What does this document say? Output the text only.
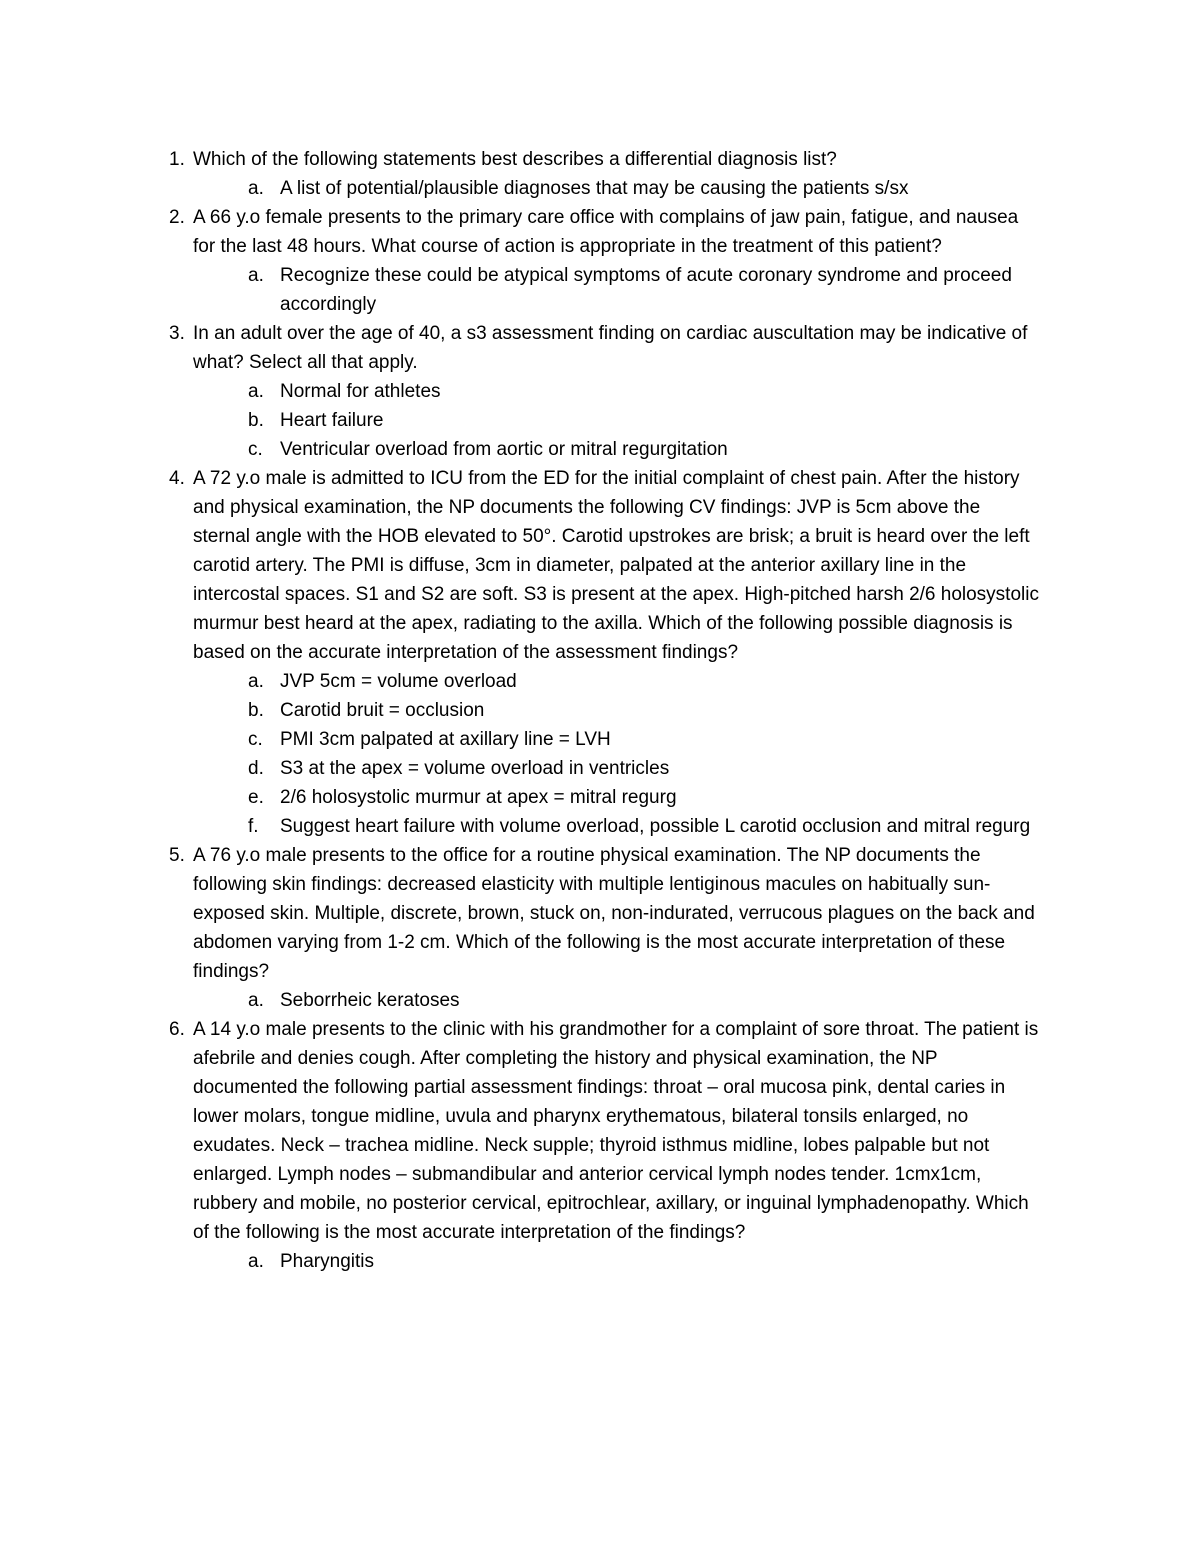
1. Which of the following statements best describes a differential diagnosis list?
a. A list of potential/plausible diagnoses that may be causing the patients s/sx
2. A 66 y.o female presents to the primary care office with complains of jaw pain, fatigue, and nausea for the last 48 hours. What course of action is appropriate in the treatment of this patient?
a. Recognize these could be atypical symptoms of acute coronary syndrome and proceed accordingly
3. In an adult over the age of 40, a s3 assessment finding on cardiac auscultation may be indicative of what? Select all that apply.
a. Normal for athletes
b. Heart failure
c. Ventricular overload from aortic or mitral regurgitation
4. A 72 y.o male is admitted to ICU from the ED for the initial complaint of chest pain. After the history and physical examination, the NP documents the following CV findings: JVP is 5cm above the sternal angle with the HOB elevated to 50°. Carotid upstrokes are brisk; a bruit is heard over the left carotid artery. The PMI is diffuse, 3cm in diameter, palpated at the anterior axillary line in the intercostal spaces. S1 and S2 are soft. S3 is present at the apex. High-pitched harsh 2/6 holosystolic murmur best heard at the apex, radiating to the axilla. Which of the following possible diagnosis is based on the accurate interpretation of the assessment findings?
a. JVP 5cm = volume overload
b. Carotid bruit = occlusion
c. PMI 3cm palpated at axillary line = LVH
d. S3 at the apex = volume overload in ventricles
e. 2/6 holosystolic murmur at apex = mitral regurg
f.	Suggest heart failure with volume overload, possible L carotid occlusion and mitral regurg
5. A 76 y.o male presents to the office for a routine physical examination. The NP documents the following skin findings: decreased elasticity with multiple lentiginous macules on habitually sun-exposed skin. Multiple, discrete, brown, stuck on, non-indurated, verrucous plagues on the back and abdomen varying from 1-2 cm. Which of the following is the most accurate interpretation of these findings?
a. Seborrheic keratoses
6. A 14 y.o male presents to the clinic with his grandmother for a complaint of sore throat. The patient is afebrile and denies cough. After completing the history and physical examination, the NP documented the following partial assessment findings: throat – oral mucosa pink, dental caries in lower molars, tongue midline, uvula and pharynx erythematous, bilateral tonsils enlarged, no exudates. Neck – trachea midline. Neck supple; thyroid isthmus midline, lobes palpable but not enlarged. Lymph nodes – submandibular and anterior cervical lymph nodes tender. 1cmx1cm, rubbery and mobile, no posterior cervical, epitrochlear, axillary, or inguinal lymphadenopathy. Which of the following is the most accurate interpretation of the findings?
a. Pharyngitis
